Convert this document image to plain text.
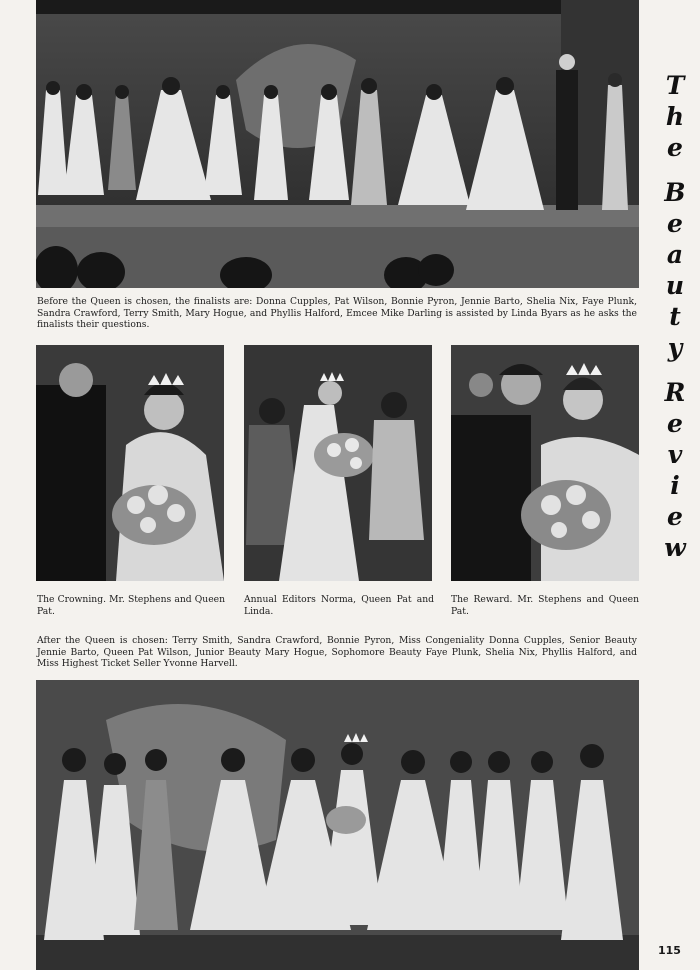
Before the Queen is chosen, the finalists are: Donna Cupples, Pat Wilson, Bonnie Pyron, Jennie Barto, Shelia Nix, Faye Plunk, Sandra Crawford, Terry Smith, Mary Hogue, and Phyllis Halford, Emcee Mike Darling is assisted by Linda Byars as he asks the finalists their questions.
The Crowning. Mr. Stephens and Queen Pat.
Annual Editors Norma, Queen Pat and Linda.
The Reward. Mr. Stephens and Queen Pat.
After the Queen is chosen: Terry Smith, Sandra Crawford, Bonnie Pyron, Miss Congeniality Donna Cupples, Senior Beauty Jennie Barto, Queen Pat Wilson, Junior Beauty Mary Hogue, Sophomore Beauty Faye Plunk, Shelia Nix, Phyllis Halford, and Miss Highest Ticket Seller Yvonne Harvell.
T
h
e
B
e
a
u
t
y
R
e
v
i
e
w
115
